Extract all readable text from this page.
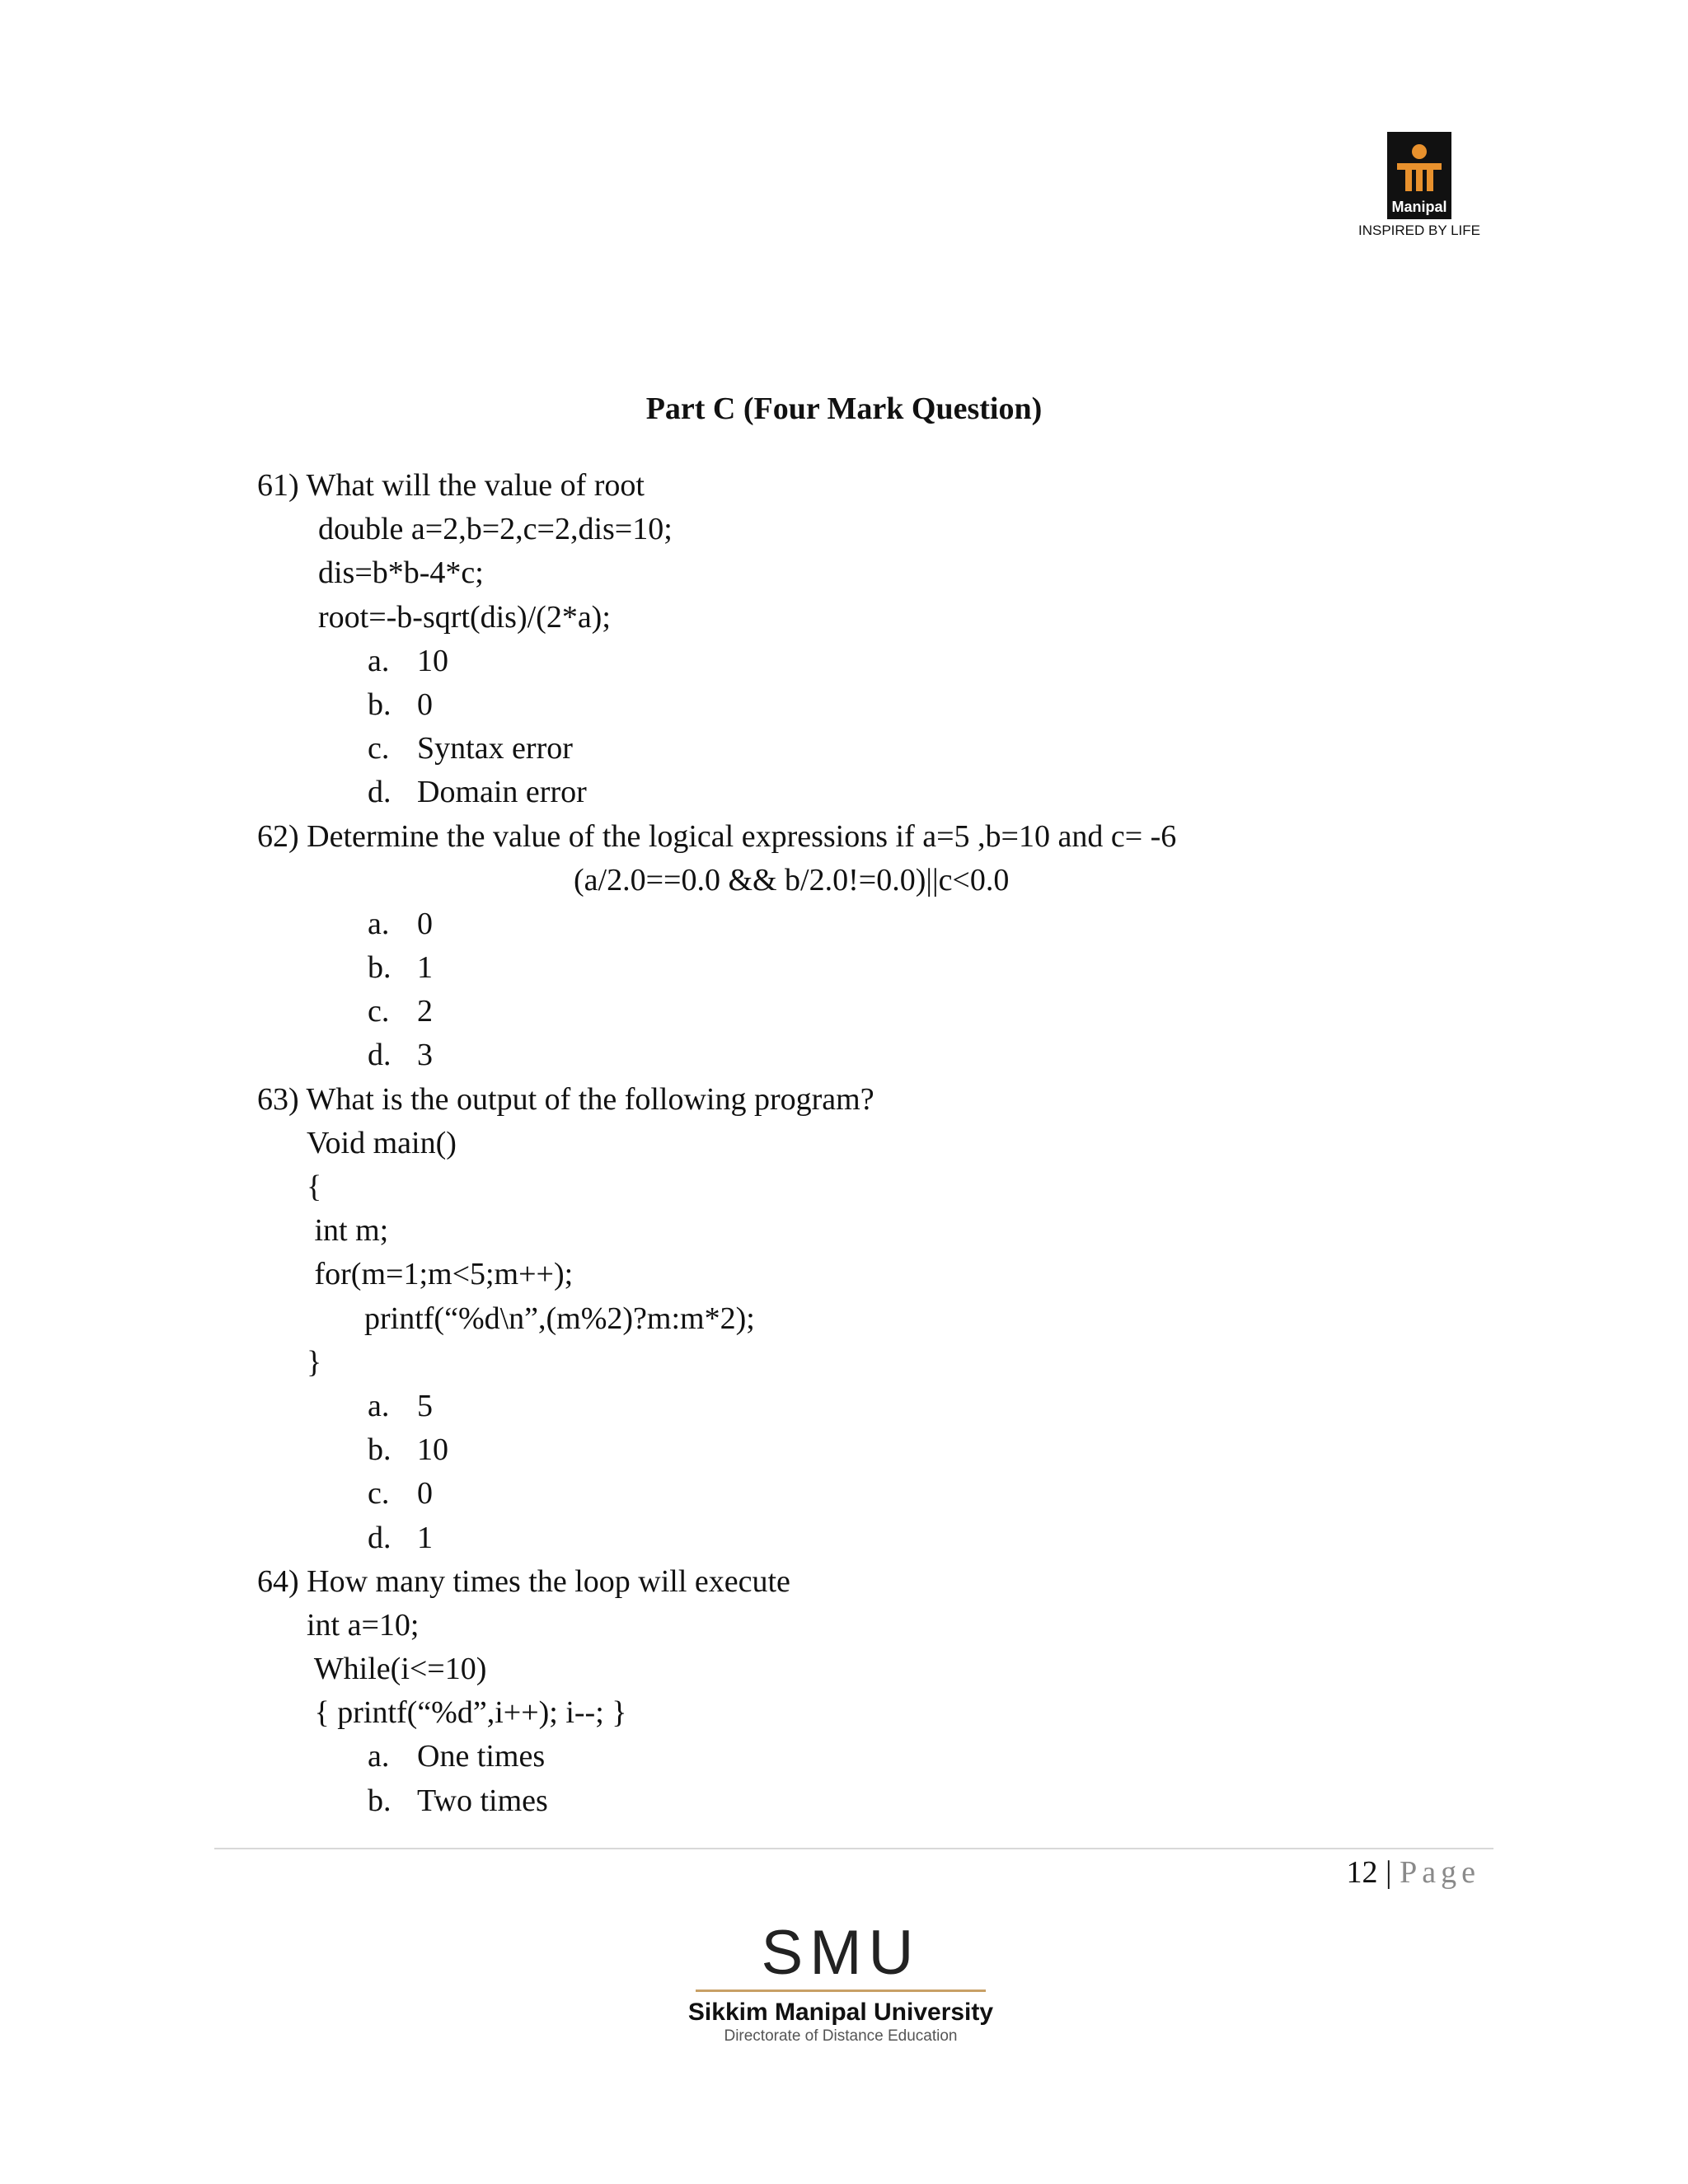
Manipal
INSPIRED BY LIFE
Part C (Four Mark Question)
61) What will the value of root
double a=2,b=2,c=2,dis=10;
dis=b*b-4*c;
root=-b-sqrt(dis)/(2*a);
a. 10
b. 0
c. Syntax error
d. Domain error
62) Determine the value of the logical expressions if a=5 ,b=10 and c= -6
(a/2.0==0.0 && b/2.0!=0.0)||c<0.0
a. 0
b. 1
c. 2
d. 3
63) What is the output of the following program?
Void main()
{
int m;
for(m=1;m<5;m++);
printf(“%d\n”,(m%2)?m:m*2);
}
a. 5
b. 10
c. 0
d. 1
64) How many times the loop will execute
int a=10;
While(i<=10)
{ printf(“%d”,i++); i--; }
a. One times
b. Two times
12 | Page
SMU
Sikkim Manipal University
Directorate of Distance Education
